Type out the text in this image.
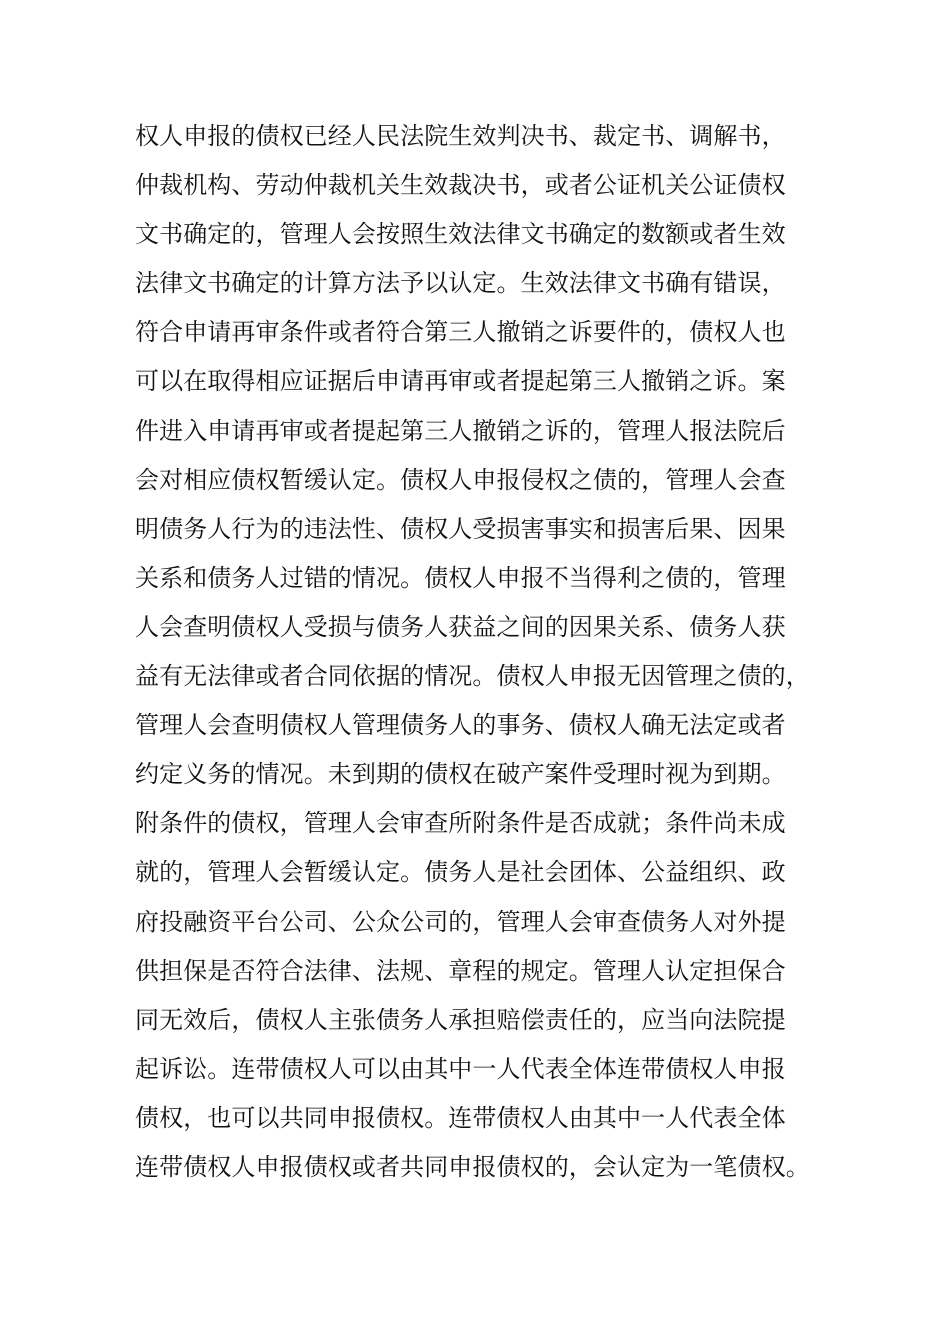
权人申报的债权已经人民法院生效判决书、裁定书、调解书，
仲裁机构、劳动仲裁机关生效裁决书，或者公证机关公证债权
文书确定的，管理人会按照生效法律文书确定的数额或者生效
法律文书确定的计算方法予以认定。生效法律文书确有错误，
符合申请再审条件或者符合第三人撤销之诉要件的，债权人也
可以在取得相应证据后申请再审或者提起第三人撤销之诉。案
件进入申请再审或者提起第三人撤销之诉的，管理人报法院后
会对相应债权暂缓认定。债权人申报侵权之债的，管理人会查
明债务人行为的违法性、债权人受损害事实和损害后果、因果
关系和债务人过错的情况。债权人申报不当得利之债的，管理
人会查明债权人受损与债务人获益之间的因果关系、债务人获
益有无法律或者合同依据的情况。债权人申报无因管理之债的，
管理人会查明债权人管理债务人的事务、债权人确无法定或者
约定义务的情况。未到期的债权在破产案件受理时视为到期。
附条件的债权，管理人会审查所附条件是否成就；条件尚未成
就的，管理人会暂缓认定。债务人是社会团体、公益组织、政
府投融资平台公司、公众公司的，管理人会审查债务人对外提
供担保是否符合法律、法规、章程的规定。管理人认定担保合
同无效后，债权人主张债务人承担赔偿责任的，应当向法院提
起诉讼。连带债权人可以由其中一人代表全体连带债权人申报
债权，也可以共同申报债权。连带债权人由其中一人代表全体
连带债权人申报债权或者共同申报债权的，会认定为一笔债权。
